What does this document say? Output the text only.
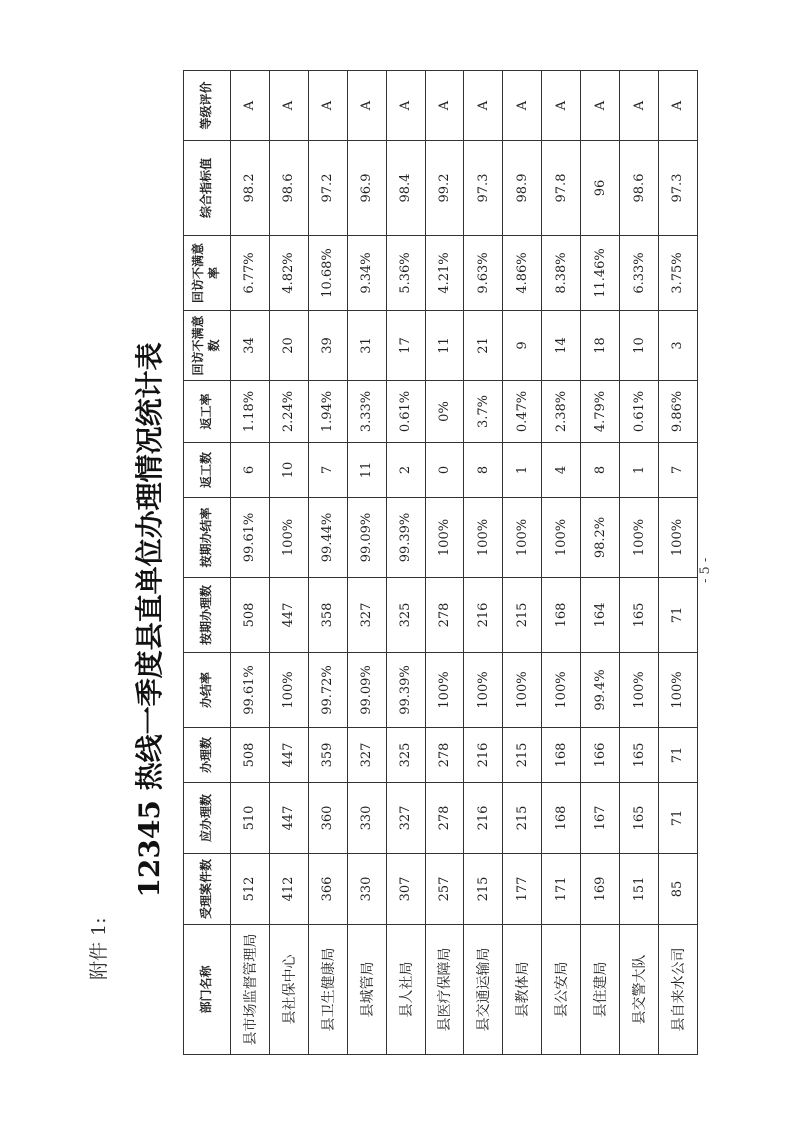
附件 1:
12345 热线一季度县直单位办理情况统计表	- 5 -
部门名称	受理案件数	应办理数	办理数	办结率	按期办理数	按期办结率	返工数	返工率	回访不满意数	回访不满意率	综合指标值	等级评价
县市场监督管理局	512	510	508	99.61%	508	99.61%	6	1.18%	34	6.77%	98.2	A
县社保中心	412	447	447	100%	447	100%	10	2.24%	20	4.82%	98.6	A
县卫生健康局	366	360	359	99.72%	358	99.44%	7	1.94%	39	10.68%	97.2	A
县城管局	330	330	327	99.09%	327	99.09%	11	3.33%	31	9.34%	96.9	A
县人社局	307	327	325	99.39%	325	99.39%	2	0.61%	17	5.36%	98.4	A
县医疗保障局	257	278	278	100%	278	100%	0	0%	11	4.21%	99.2	A
县交通运输局	215	216	216	100%	216	100%	8	3.7%	21	9.63%	97.3	A
县教体局	177	215	215	100%	215	100%	1	0.47%	9	4.86%	98.9	A
县公安局	171	168	168	100%	168	100%	4	2.38%	14	8.38%	97.8	A
县住建局	169	167	166	99.4%	164	98.2%	8	4.79%	18	11.46%	96	A
县交警大队	151	165	165	100%	165	100%	1	0.61%	10	6.33%	98.6	A
县自来水公司	85	71	71	100%	71	100%	7	9.86%	3	3.75%	97.3	A
